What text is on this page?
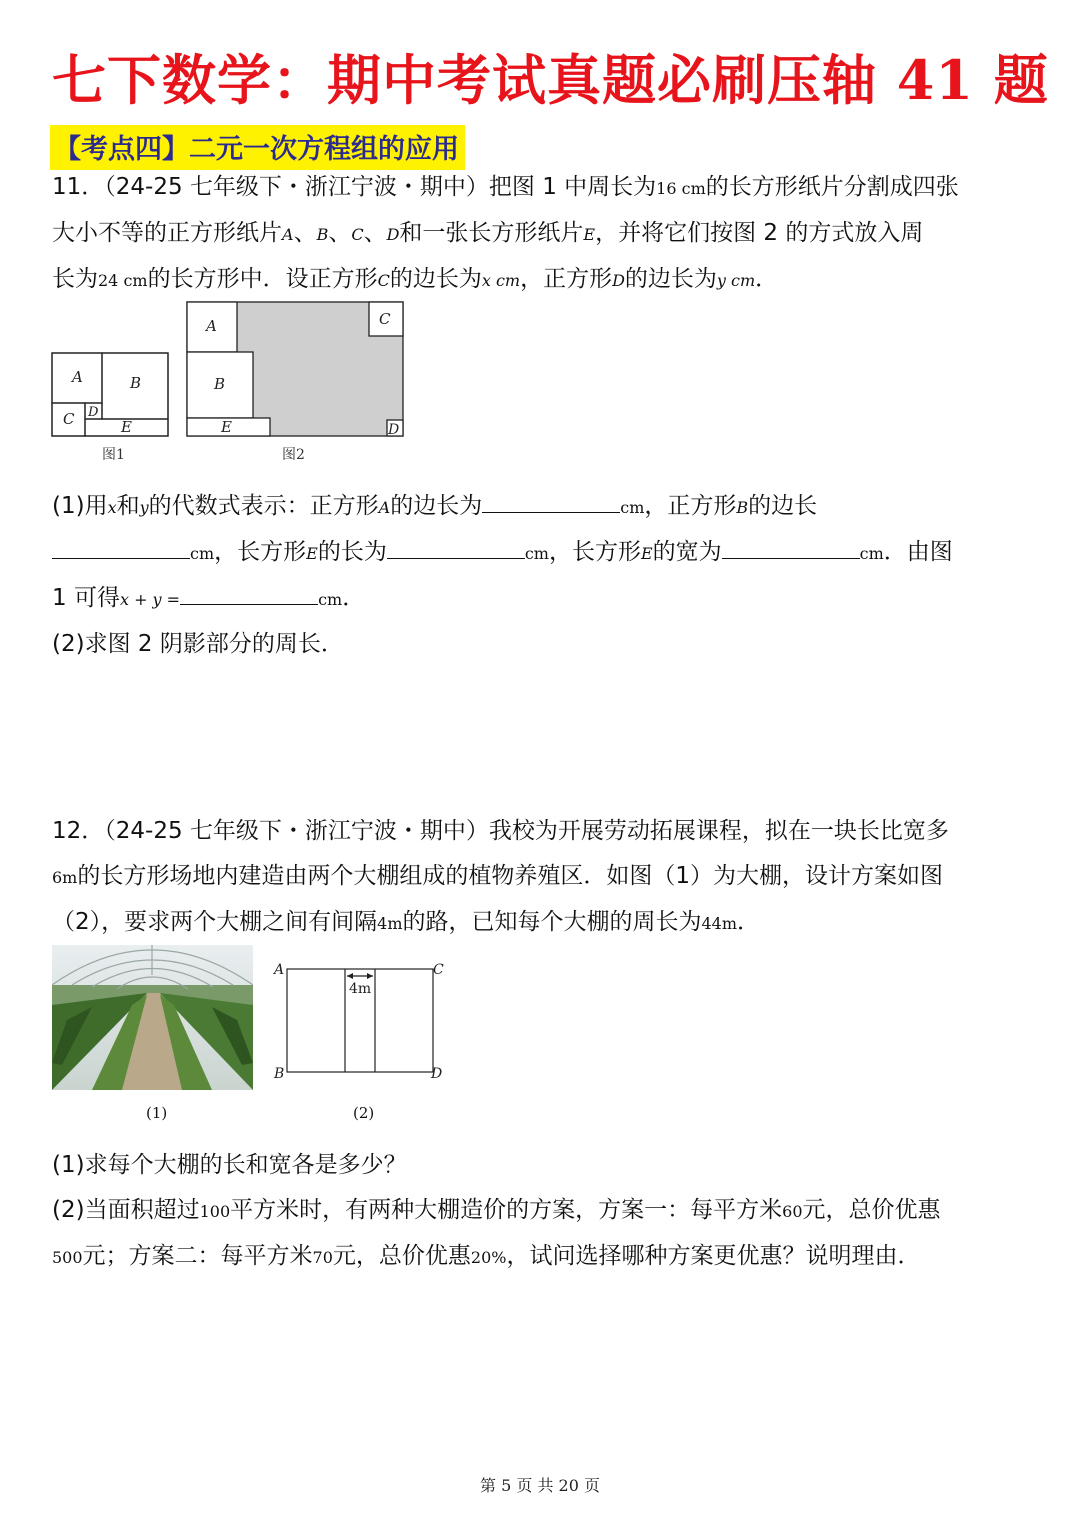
七下数学：期中考试真题必刷压轴 41 题
【考点四】二元一次方程组的应用
11．（24-25 七年级下・浙江宁波・期中）把图 1 中周长为16 cm的长方形纸片分割成四张
大小不等的正方形纸片A、B、C、D和一张长方形纸片E，并将它们按图 2 的方式放入周
长为24 cm的长方形中．设正方形C的边长为x cm，正方形D的边长为y cm．
A	B
C D
E
图1
A
B
C
D
E
图2
(1)用x和y的代数式表示：正方形A的边长为	cm，正方形B的边长
cm，长方形E的长为	cm，长方形E的宽为	cm．由图
1 可得x + y =	cm．
(2)求图 2 阴影部分的周长．
12．（24-25 七年级下・浙江宁波・期中）我校为开展劳动拓展课程，拟在一块长比宽多
6m的长方形场地内建造由两个大棚组成的植物养殖区．如图（1）为大棚，设计方案如图
（2），要求两个大棚之间有间隔4m的路，已知每个大棚的周长为44m．
(1)
4m
A
B
C
D
(2)
(1)求每个大棚的长和宽各是多少？
(2)当面积超过100平方米时，有两种大棚造价的方案，方案一：每平方米60元，总价优惠
500元；方案二：每平方米70元，总价优惠20%，试问选择哪种方案更优惠？说明理由．
第 5 页 共 20 页
